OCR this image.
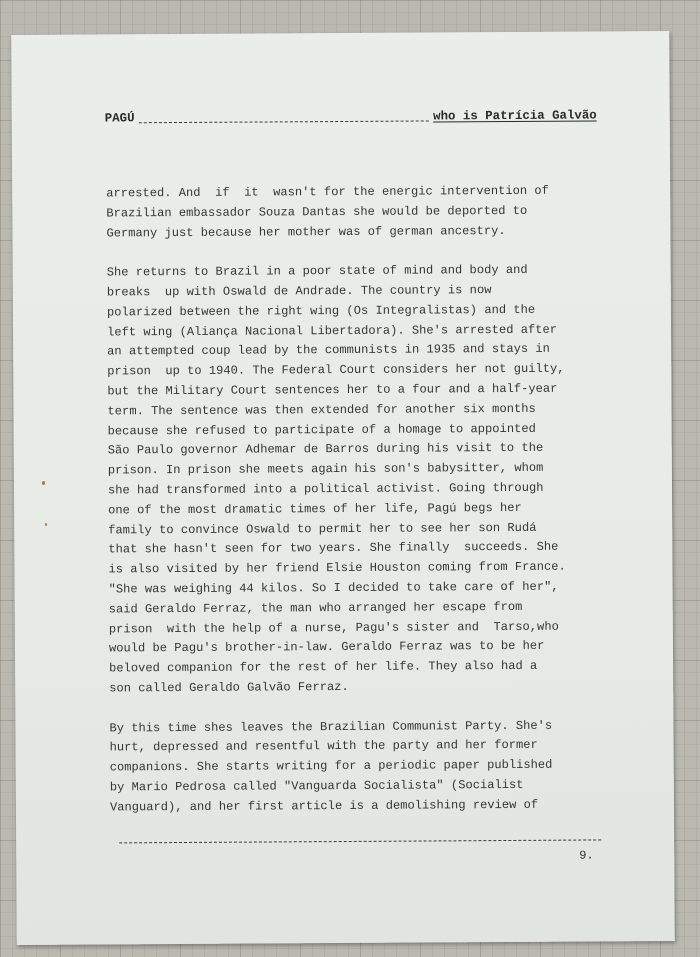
PAGÚ	who is Patrícia Galvão
arrested. And  if  it  wasn't for the energic intervention of
Brazilian embassador Souza Dantas she would be deported to
Germany just because her mother was of german ancestry.
She returns to Brazil in a poor state of mind and body and
breaks  up with Oswald de Andrade. The country is now
polarized between the right wing (Os Integralistas) and the
left wing (Aliança Nacional Libertadora). She's arrested after
an attempted coup lead by the communists in 1935 and stays in
prison  up to 1940. The Federal Court considers her not guilty,
but the Military Court sentences her to a four and a half-year
term. The sentence was then extended for another six months
because she refused to participate of a homage to appointed
São Paulo governor Adhemar de Barros during his visit to the
prison. In prison she meets again his son's babysitter, whom
she had transformed into a political activist. Going through
one of the most dramatic times of her life, Pagú begs her
family to convince Oswald to permit her to see her son Rudá
that she hasn't seen for two years. She finally  succeeds. She
is also visited by her friend Elsie Houston coming from France.
"She was weighing 44 kilos. So I decided to take care of her",
said Geraldo Ferraz, the man who arranged her escape from
prison  with the help of a nurse, Pagu's sister and  Tarso,who
would be Pagu's brother-in-law. Geraldo Ferraz was to be her
beloved companion for the rest of her life. They also had a
son called Geraldo Galvão Ferraz.
By this time shes leaves the Brazilian Communist Party. She's
hurt, depressed and resentful with the party and her former
companions. She starts writing for a periodic paper published
by Mario Pedrosa called "Vanguarda Socialista" (Socialist
Vanguard), and her first article is a demolishing review of
9.
